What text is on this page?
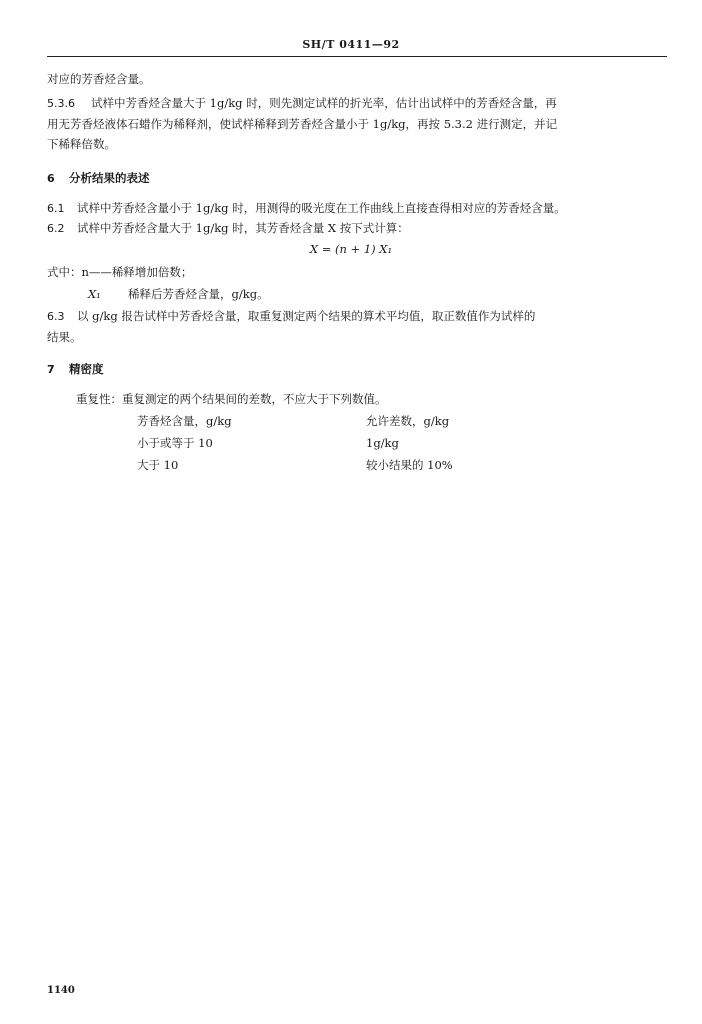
SH/T 0411—92
对应的芳香烃含量。
5.3.6 试样中芳香烃含量大于 1g/kg 时，则先测定试样的折光率，估计出试样中的芳香烃含量，再
用无芳香烃液体石蜡作为稀释剂，使试样稀释到芳香烃含量小于 1g/kg，再按 5.3.2 进行测定，并记
下稀释倍数。
6 分析结果的表述
6.1 试样中芳香烃含量小于 1g/kg 时，用测得的吸光度在工作曲线上直接查得相对应的芳香烃含量。
6.2 试样中芳香烃含量大于 1g/kg 时，其芳香烃含量 X 按下式计算：
X = (n + 1) X₁
式中：n——稀释增加倍数；
X₁ 稀释后芳香烃含量，g/kg。
6.3 以 g/kg 报告试样中芳香烃含量，取重复测定两个结果的算术平均值，取正数值作为试样的
结果。
7 精密度
重复性：重复测定的两个结果间的差数，不应大于下列数值。
芳香烃含量，g/kg	允许差数，g/kg
小于或等于 10	1g/kg
大于 10	较小结果的 10%
1140
